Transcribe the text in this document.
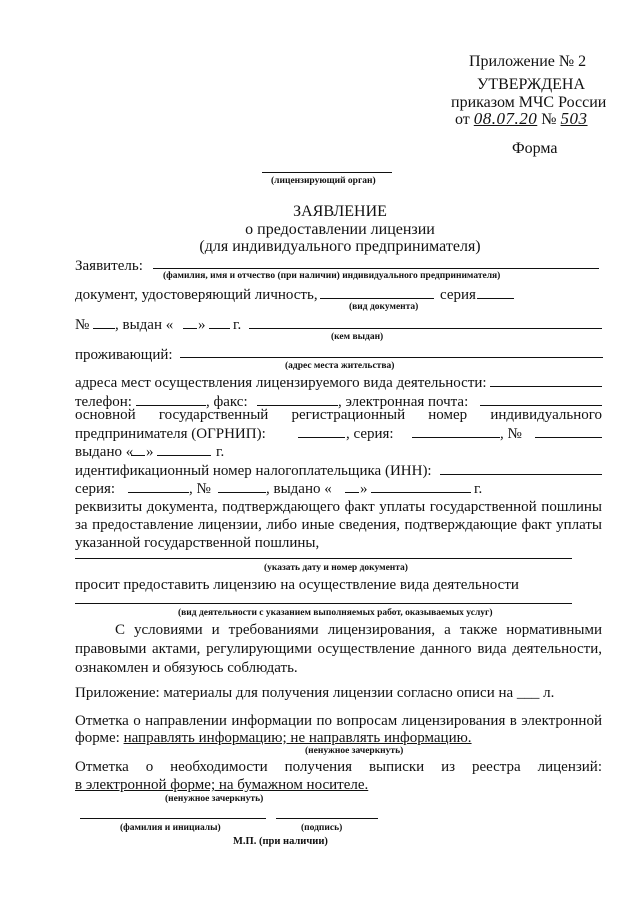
Приложение № 2
УТВЕРЖДЕНА
приказом МЧС России
от 08.07.20 № 503
Форма
(лицензирующий орган)
ЗАЯВЛЕНИЕ
о предоставлении лицензии
(для индивидуального предпринимателя)
Заявитель:
(фамилия, имя и отчество (при наличии) индивидуального предпринимателя)
документ, удостоверяющий личность,	серия
(вид документа)
№ , выдан « » г.
(кем выдан)
проживающий:
(адрес места жительства)
адреса мест осуществления лицензируемого вида деятельности:
телефон:	, факс:	, электронная почта:
основной государственный регистрационный номер индивидуального
предпринимателя (ОГРНИП):	, серия:	, №
выдано « »	г.
идентификационный номер налогоплательщика (ИНН):
серия:	, №	, выдано « »	г.
реквизиты документа, подтверждающего факт уплаты государственной пошлины
за предоставление лицензии, либо иные сведения, подтверждающие факт уплаты
указанной государственной пошлины,
(указать дату и номер документа)
просит предоставить лицензию на осуществление вида деятельности
(вид деятельности с указанием выполняемых работ, оказываемых услуг)
С условиями и требованиями лицензирования, а также нормативными
правовыми актами, регулирующими осуществление данного вида деятельности,
ознакомлен и обязуюсь соблюдать.
Приложение: материалы для получения лицензии согласно описи на ___ л.
Отметка о направлении информации по вопросам лицензирования в электронной
форме: направлять информацию; не направлять информацию.
(ненужное зачеркнуть)
Отметка о необходимости получения выписки из реестра лицензий:
в электронной форме; на бумажном носителе.
(ненужное зачеркнуть)
(фамилия и инициалы)	(подпись)
М.П. (при наличии)
